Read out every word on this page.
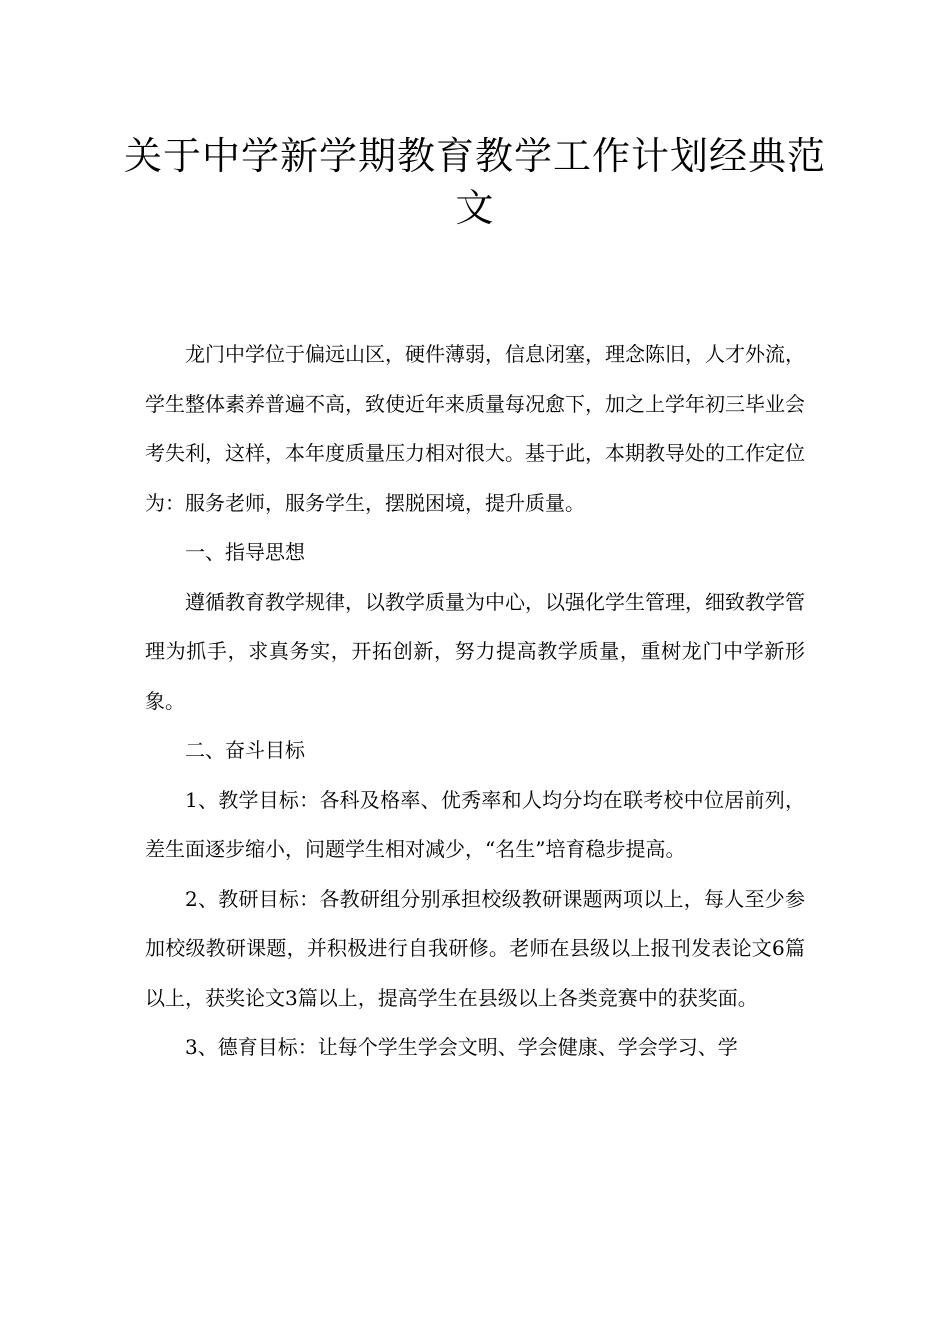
关于中学新学期教育教学工作计划经典范文

龙门中学位于偏远山区，硬件薄弱，信息闭塞，理念陈旧，人才外流，学生整体素养普遍不高，致使近年来质量每况愈下，加之上学年初三毕业会考失利，这样，本年度质量压力相对很大。基于此，本期教导处的工作定位为：服务老师，服务学生，摆脱困境，提升质量。

一、指导思想

遵循教育教学规律，以教学质量为中心，以强化学生管理，细致教学管理为抓手，求真务实，开拓创新，努力提高教学质量，重树龙门中学新形象。

二、奋斗目标

1、教学目标：各科及格率、优秀率和人均分均在联考校中位居前列，差生面逐步缩小，问题学生相对减少，“名生”培育稳步提高。

2、教研目标：各教研组分别承担校级教研课题两项以上，每人至少参加校级教研课题，并积极进行自我研修。老师在县级以上报刊发表论文6篇以上，获奖论文3篇以上，提高学生在县级以上各类竞赛中的获奖面。

3、德育目标：让每个学生学会文明、学会健康、学会学习、学
